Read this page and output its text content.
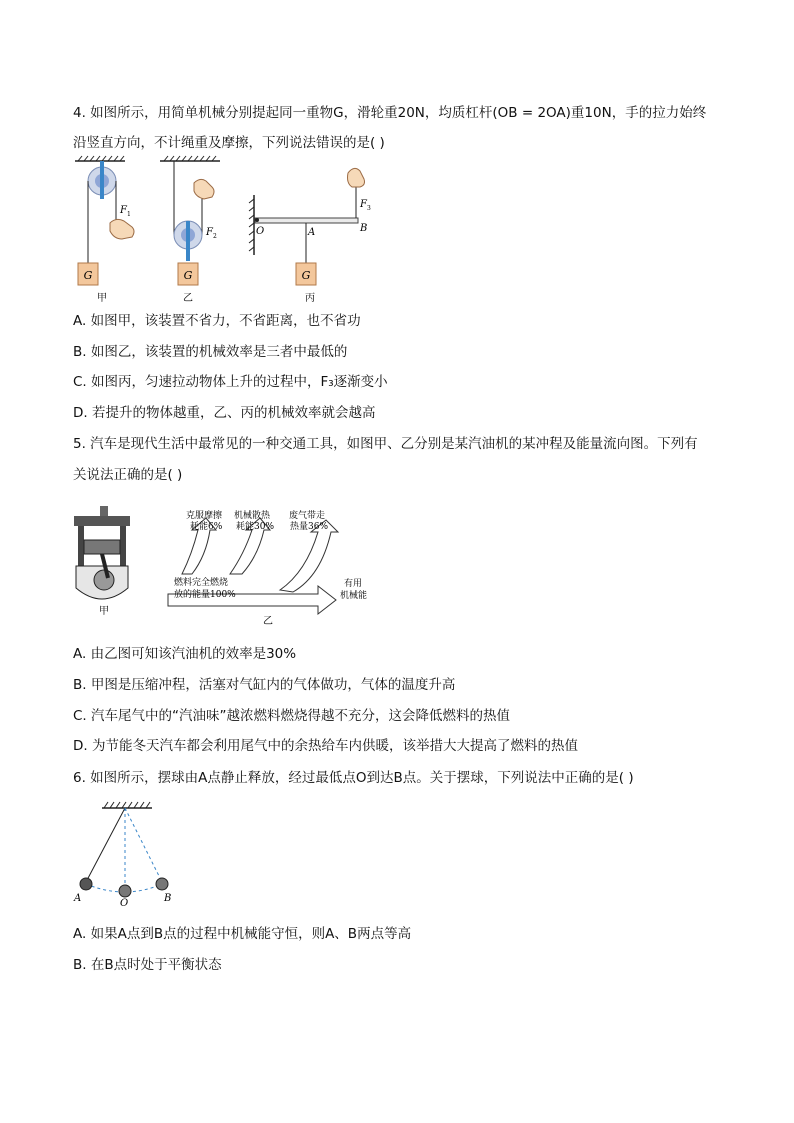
4. 如图所示，用简单机械分别提起同一重物G，滑轮重20N，均质杠杆(OB = 2OA)重10N，手的拉力始终
沿竖直方向，不计绳重及摩擦，下列说法错误的是( )
G
F 1
甲
G
F 2
乙
G
O	A	B
F 3
丙
A. 如图甲，该装置不省力，不省距离，也不省功
B. 如图乙，该装置的机械效率是三者中最低的
C. 如图丙，匀速拉动物体上升的过程中，F₃逐渐变小
D. 若提升的物体越重，乙、丙的机械效率就会越高
5. 汽车是现代生活中最常见的一种交通工具，如图甲、乙分别是某汽油机的某冲程及能量流向图。下列有
关说法正确的是( )
甲
克服摩擦
耗能6%
机械散热
耗能30%
废气带走
热量36%
燃料完全燃烧
放的能量100%
有用
机械能
乙
A. 由乙图可知该汽油机的效率是30%
B. 甲图是压缩冲程，活塞对气缸内的气体做功，气体的温度升高
C. 汽车尾气中的“汽油味”越浓燃料燃烧得越不充分，这会降低燃料的热值
D. 为节能冬天汽车都会利用尾气中的余热给车内供暖，该举措大大提高了燃料的热值
6. 如图所示，摆球由A点静止释放，经过最低点O到达B点。关于摆球，下列说法中正确的是( )
A	O	B
A. 如果A点到B点的过程中机械能守恒，则A、B两点等高
B. 在B点时处于平衡状态
